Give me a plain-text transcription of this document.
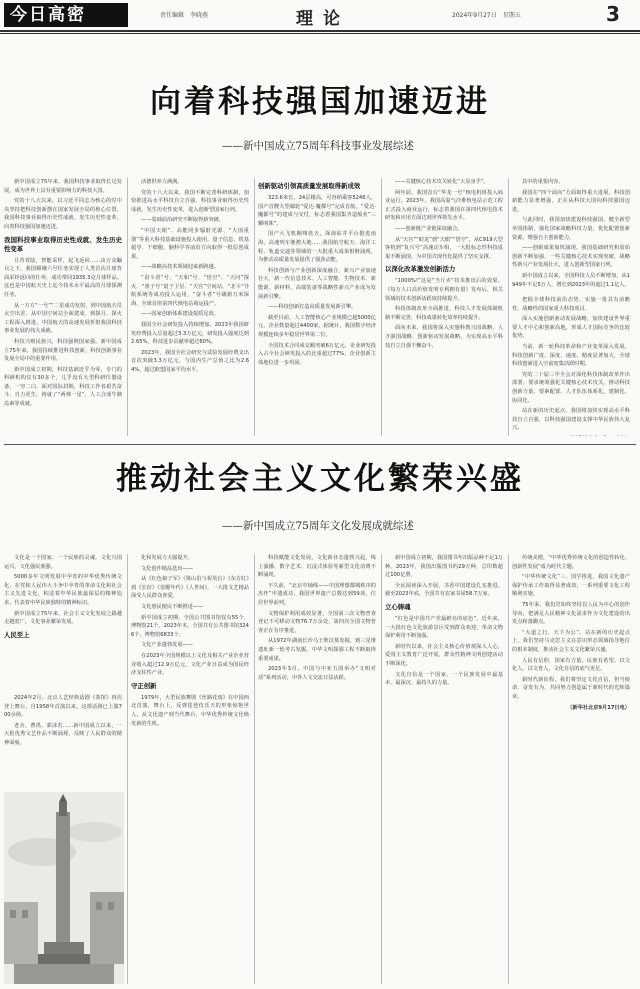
今日高密	责任编辑　李晓燕	理论	2024年9月27日　星期五	3
向着科技强国加速迈进
——新中国成立75周年科技事业发展综述

新中国成立75年来，我国科技事业取得长足发展，成为世界上具有重要影响力的科技大国。

党的十八大以来，以习近平同志为核心的党中央坚持把科技创新摆在国家发展全局的核心位置，我国科技事业取得历史性成就、发生历史性变革，向着科技强国加速迈进。

我国科技事业取得历史性成就、发生历史性变革

月背着陆，智能采样，起飞返回……由万众瞩目之下，我国嫦娥六号任务实现了人类首次月球背面采样返回的壮举，成功带回1935.3克月球样品。这也是中国航天史上迄今技术水平最高的月球探测任务。

从一方方“一号”“二星成功发射，到中国航天员太空出差，从中国空间站全面建成，到探月、探火工程深入推进，中国航天的高速发展折射我国科技事业发展的伟大成就。

科技兴则民族兴，科技强则国家强。新中国成立75年来，我国持续推进科技创新，科技创新事业发展全局中的重要作用。

新中国成立初期，科技基础近乎为零，专门的科研机构仅有30多个，几乎没有大型科研仪器设备，一穷二白，面对国际封锁，科技工作者艰苦奋斗、自力更生，铸就了“两弹一星”、人工合成牛胰岛素等成就。

活德供养力满满。

党的十八大以来，我国不断完善科研体制，加快推进高水平科技自立自强，科技事业取得历史性成就、发生历史性变革，进入创新型国家行列。

——基础前沿研究不断取得新突破。

“中国天眼”、高能同步辐射光源、“大国重器”等重大科技基础设施投入使用，量子信息、铁基超导、干细胞、脑科学等前沿方向取得一批原创成果。

——战略高技术领域迎来新跨越。

“奋斗者”号、“天和”号、“悟空”、“天问”探火、“墨子号”量子卫星、“天宫”空间站、“北斗”导航系统等成功投入运用，“奋斗者”号刷新万米深海，全球首座第四代核电站商运投产。

——国家创新体系建设提质见效。

我国全社会研发投入持续增加，2023年我国研发经费投入总量超过3.3万亿元，研发投入强度达到2.65%，科技进步贡献率超过60%。

2023年，我国全社会研究与试验发展经费支出首次突破3.3万亿元，与国内生产总值之比为2.64%，超过欧盟国家平均水平。

创新驱动引领高质量发展取得新成效

323.6米长，24层楼高，可容纳乘客5246人，国产首艘大型邮轮“爱达·魔都号”完成首航。“爱达·魔都号”的建成与交付，标志着我国集齐造船业“三颗明珠”。

国产大飞机翱翔蓝天，深海钻井平台挺进南海，高速列车驰骋大地……我国航空航天、海洋工程、轨道交通等领域的一大批重大成果相继涌现，为推动高质量发展提供了强劲动能。

科技创新与产业创新深度融合，新兴产业加速壮大，新一代信息技术、人工智能、生物技术、新能源、新材料、高端装备等战略性新兴产业成为发展新引擎。

——科技创新打造高质量发展新引擎。

截至目前，人工智能核心产业规模已超5000亿元，企业数量超过4400家。据统计，我国数字经济规模连续多年稳居世界第二位。

全国技术合同成交额突破6万亿元，企业研发投入占全社会研发投入的比重超过77%，企业创新主体地位进一步巩固。

——关键核心技术攻关转化“大显身手”。

两年前，我国首台“华龙一号”核电机组投入商业运行。2023年，我国高温气冷堆核电站示范工程正式投入商业运行，标志着我国在第四代核电技术研发和应用方面达到世界领先水平。

——创新链产业链深度融合。

从“天宫”“蛟龙”到“天眼”“悟空”，从C919大型客机到“复兴号”高速动车组，一大批标志性科技成果不断涌现，为中国式现代化提供了坚实支撑。

以深化改革激发创新活力

“1000%!”这是“当斤卖”技术推出后的效果。《每万人口高价值发明专利拥有量》发布后，相关领域的技术创新活跃度持续提升。

科技体制改革全面推进，科技人才发展体制机制不断完善，科技成果转化效率持续提升。

面向未来，我国将深入实施科教兴国战略、人才强国战略、创新驱动发展战略，为实现高水平科技自立自强不懈奋斗。

其中的重要内容。

我国在“四个面向”方面取得重大进展，科技创新能力显著增强，正在从科技大国向科技强国迈进。

与此同时，我国加快建设科技强国，健全新型举国体制，强化国家战略科技力量，优化配置创新资源，增强自主创新能力。

——创新成果加快涌现。我国基础研究和原始创新不断加强，一些关键核心技术实现突破，战略性新兴产业发展壮大，进入创新型国家行列。

新中国成立以来，全国科技人员不断增加，从1949年不足5万人，增长到2023年的超过1.1亿人。

把握全球科技前沿态势，实施一批具有前瞻性、战略性的国家重大科技项目。

深入实施创新驱动发展战略，加快建设世界重要人才中心和创新高地，形成人才国际竞争的比较优势。

当前，新一轮科技革命和产业变革深入发展，科技创新广度、深度、速度、精度显著加大，全球科技创新进入空前密集活跃时期。

党的二十届三中全会对深化科技体制改革作出部署，要求统筹强化关键核心技术攻关，推动科技创新力量、要素配置、人才队伍体系化、建制化、协同化。

站在新的历史起点，我国将加快实现高水平科技自立自强，以科技强国建设支撑中华民族伟大复兴。

推动社会主义文化繁荣兴盛
——新中国成立75周年文化发展成就综述

文化是一个国家、一个民族的灵魂。文化兴国运兴，文化强民族强。

5000多年文明发展中孕育的中华优秀传统文化，在党和人民伟大斗争中孕育的革命文化和社会主义先进文化，积淀着中华民族最深层的精神追求，代表着中华民族独特的精神标识。

新中国成立75年来，社会主义文化发展之路越走越宽广，文化事业繁荣发展。

人民至上

2024年2月，北京人艺经典话剧《茶馆》再次登上舞台，自1958年首演以来，这部话剧已上演700余场。

老舍、曹禺、郭沫若……新中国成立以来，一大批优秀文艺作品不断涌现，反映了人民群众的精神面貌。

化和发展力大强提升。

文化创作精品迭出——

从《红色娘子军》《梁山伯与祝英台》《东方红》到《长征》《觉醒年代》《人世间》，一大批文艺精品深受人民群众喜爱。

文化惠民便民不断推进——

新中国成立初期，全国公共图书馆仅有55个，博物馆21个。2023年末，全国共有公共图书馆3246个、博物馆6833个。

文化产业蓬勃发展——

在2023年全国规模以上文化及相关产业企业营业收入超过12.9万亿元，文化产业日益成为国民经济支柱性产业。

守正创新

1979年，大型民族舞剧《丝路花雨》在中国西北首演，舞台上，反弹琵琶伎乐天的形象惊艳世人。从文化遗产到当代舞台，中华优秀传统文化焕发新的生机。

科技赋能文化发展，文化新业态蓬勃兴起，线上演播、数字艺术、沉浸式体验等新型文化消费不断涌现。

不久前，“北京中轴线——中国理想都城秩序的杰作”申遗成功，我国世界遗产总数达到59项，位居世界前列。

文物保护利用成效显著，全国第三次文物普查登记不可移动文物76.7万余处，第四次全国文物普查正在有序推进。

从1972年湖南长沙马王堆汉墓发掘，到三星堆遗址新一轮考古发掘，中华文明探源工程不断取得重要成果。

2023年3月，中国与中亚五国举办“文明对话”系列活动，中外人文交流日益活跃。

新中国成立初期，我国图书年出版品种不足1万种。2023年，我国出版图书约29万种，总印数超过100亿册。

全民阅读深入开展，书香中国建设扎实推进。截至2023年底，全国共有农家书屋58.7万家。

立心铸魂

“红色是中国共产党最鲜亮的底色”。近年来，一大批红色文化旅游景区受到群众欢迎，革命文物保护利用不断加强。

新时代以来，社会主义核心价值观深入人心，爱国主义教育广泛开展，群众性精神文明创建活动不断深化。

文化自信是一个国家、一个民族发展中最基本、最深沉、最持久的力量。

传统美德，“中华优秀传统文化的创造性转化、创新性发展”成为时代主题。

“中华传统文化”三、国学推进，我国文化遗产保护传承工作取得显著成效，一系列重要文化工程顺利实施。

75年来，我们党始终坚持以人民为中心的创作导向，把满足人民精神文化需求作为文化建设的出发点和落脚点。

“大道之行，天下为公”。站在新的历史起点上，我们坚持马克思主义在意识形态领域指导地位的根本制度，推动社会主义文化繁荣兴盛。

人民有信仰，国家有力量，民族有希望。以文化人、以文育人，文化自信的底气更足。

新时代新征程，我们将坚定文化自信，担当使命、奋发有为，共同努力创造属于新时代的光辉篇章。

（新华社北京9月17日电）
